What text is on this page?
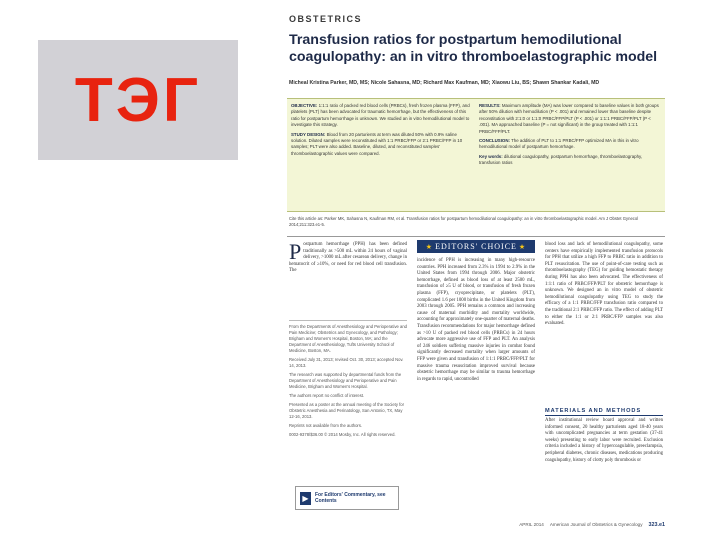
ТЭГ
OBSTETRICS
Transfusion ratios for postpartum hemodilutional coagulopathy: an in vitro thromboelastographic model
Micheal Kristina Parker, MD, MS; Nicole Sahasna, MD; Richard Max Kaufman, MD; Xiaowu Liu, BS; Shawn Shankar Kadali, MD

OBJECTIVE: 1:1:1 ratio of packed red blood cells (PRBCs), fresh frozen plasma (FFP), and platelets (PLT) has been advocated for traumatic hemorrhage, but the effectiveness of this ratio for postpartum hemorrhage is unknown. We studied an in vitro hemodilutional model to investigate this strategy.

STUDY DESIGN: Blood from 20 parturients at term was diluted 50% with 0.9% saline solution. Diluted samples were reconstituted with 1:1 PRBC/FFP or 2:1 PRBC/FFP in 10 samples; PLT were also added. Baseline, diluted, and reconstituted samples' thromboelastographic values were compared.

RESULTS: Maximum amplitude (MA) was lower compared to baseline values in both groups after 50% dilution with hemodilution (P < .001) and remained lower than baseline despite reconstitution with 2:1:0 or 1:1:0 PRBC/FFP/PLT (P < .001) or 1:1:1 PRBC/FFP/PLT (P < .001). MA approached baseline (P = not significant) in the group treated with 1:1:1 PRBC/FFP/PLT.

CONCLUSION: The addition of PLT to 1:1 PRBC/FFP optimized MA in this in vitro hemodilutional model of postpartum hemorrhage.

Key words: dilutional coagulopathy, postpartum hemorrhage, thromboelastography, transfusion ratios

Cite this article as: Parker MK, Sahasna N, Kaufman RM, et al. Transfusion ratios for postpartum hemodilutional coagulopathy: an in vitro thromboelastographic model. Am J Obstet Gynecol 2014;211:323.e1-5.
P ostpartum hemorrhage (PPH) has been defined traditionally as >500 mL within 24 hours of vaginal delivery, >1000 mL after cesarean delivery, change in hematocrit of ≥10%, or need for red blood cell transfusion. The

From the Departments of Anesthesiology and Perioperative and Pain Medicine; Obstetrics and Gynecology, and Pathology; Brigham and Women's Hospital, Boston, MA; and the Department of Anesthesiology, Tufts University School of Medicine, Boston, MA.

Received July 31, 2013; revised Oct. 30, 2013; accepted Nov. 14, 2013.

The research was supported by departmental funds from the Department of Anesthesiology and Perioperative and Pain Medicine, Brigham and Women's Hospital.

The authors report no conflict of interest.

Presented as a poster at the annual meeting of the Society for Obstetric Anesthesia and Perinatology, San Antonio, TX, May 12-16, 2013.

Reprints not available from the authors.

0002-9378/$36.00 © 2014 Mosby, Inc. All rights reserved.

▶	For Editors' Commentary, see Contents
★ EDITORS' CHOICE ★
incidence of PPH is increasing in many high-resource countries. PPH increased from 2.3% in 1994 to 2.9% in the United States from 1994 through 2006. Major obstetric hemorrhage, defined as blood loss of at least 2500 mL, transfusion of ≥5 U of blood, or transfusion of fresh frozen plasma (FFP), cryoprecipitate, or platelets (PLT), complicated 1.6 per 1000 births in the United Kingdom from 2003 through 2005. PPH remains a common and increasing cause of maternal morbidity and mortality worldwide, accounting for approximately one-quarter of maternal deaths. Transfusion recommendations for major hemorrhage defined as >10 U of packed red blood cells (PRBCs) in 24 hours advocate more aggressive use of FFP and PLT. An analysis of 246 soldiers suffering massive injuries in combat found significantly decreased mortality when larger amounts of FFP were given and transfusion of 1:1:1 PRBC/FFP/PLT for massive trauma resuscitation improved survival because obstetric hemorrhage may be similar to trauma hemorrhage in regards to rapid, uncontrolled
blood loss and lack of hemodilutional coagulopathy, some centers have empirically implemented transfusion protocols for PPH that utilize a high FFP to PRBC ratio in addition to PLT resuscitation. The use of point-of-care testing such as thromboelastography (TEG) for guiding hemostatic therapy during PPH has also been advocated. The effectiveness of 1:1:1 ratio of PRBC/FFP/PLT for obstetric hemorrhage is unknown. We designed an in vitro model of obstetric hemodilutional coagulopathy using TEG to study the efficacy of a 1:1 PRBC/FFP transfusion ratio compared to the traditional 2:1 PRBC/FFP ratio. The effect of adding PLT to either the 1:1 or 2:1 PRBC/FFP samples was also evaluated.
MATERIALS AND METHODS
After institutional review board approval and written informed consent, 20 healthy parturients aged 18-40 years with uncomplicated pregnancies at term gestation (37-41 weeks) presenting to early labor were recruited. Exclusion criteria included a history of hypercoagulable, preeclampsia, peripheral diabetes, chronic diseases, medications producing coagulopathy, history of clotty poly thrombosis or
APRIL 2014 American Journal of Obstetrics & Gynecology 323.e1
